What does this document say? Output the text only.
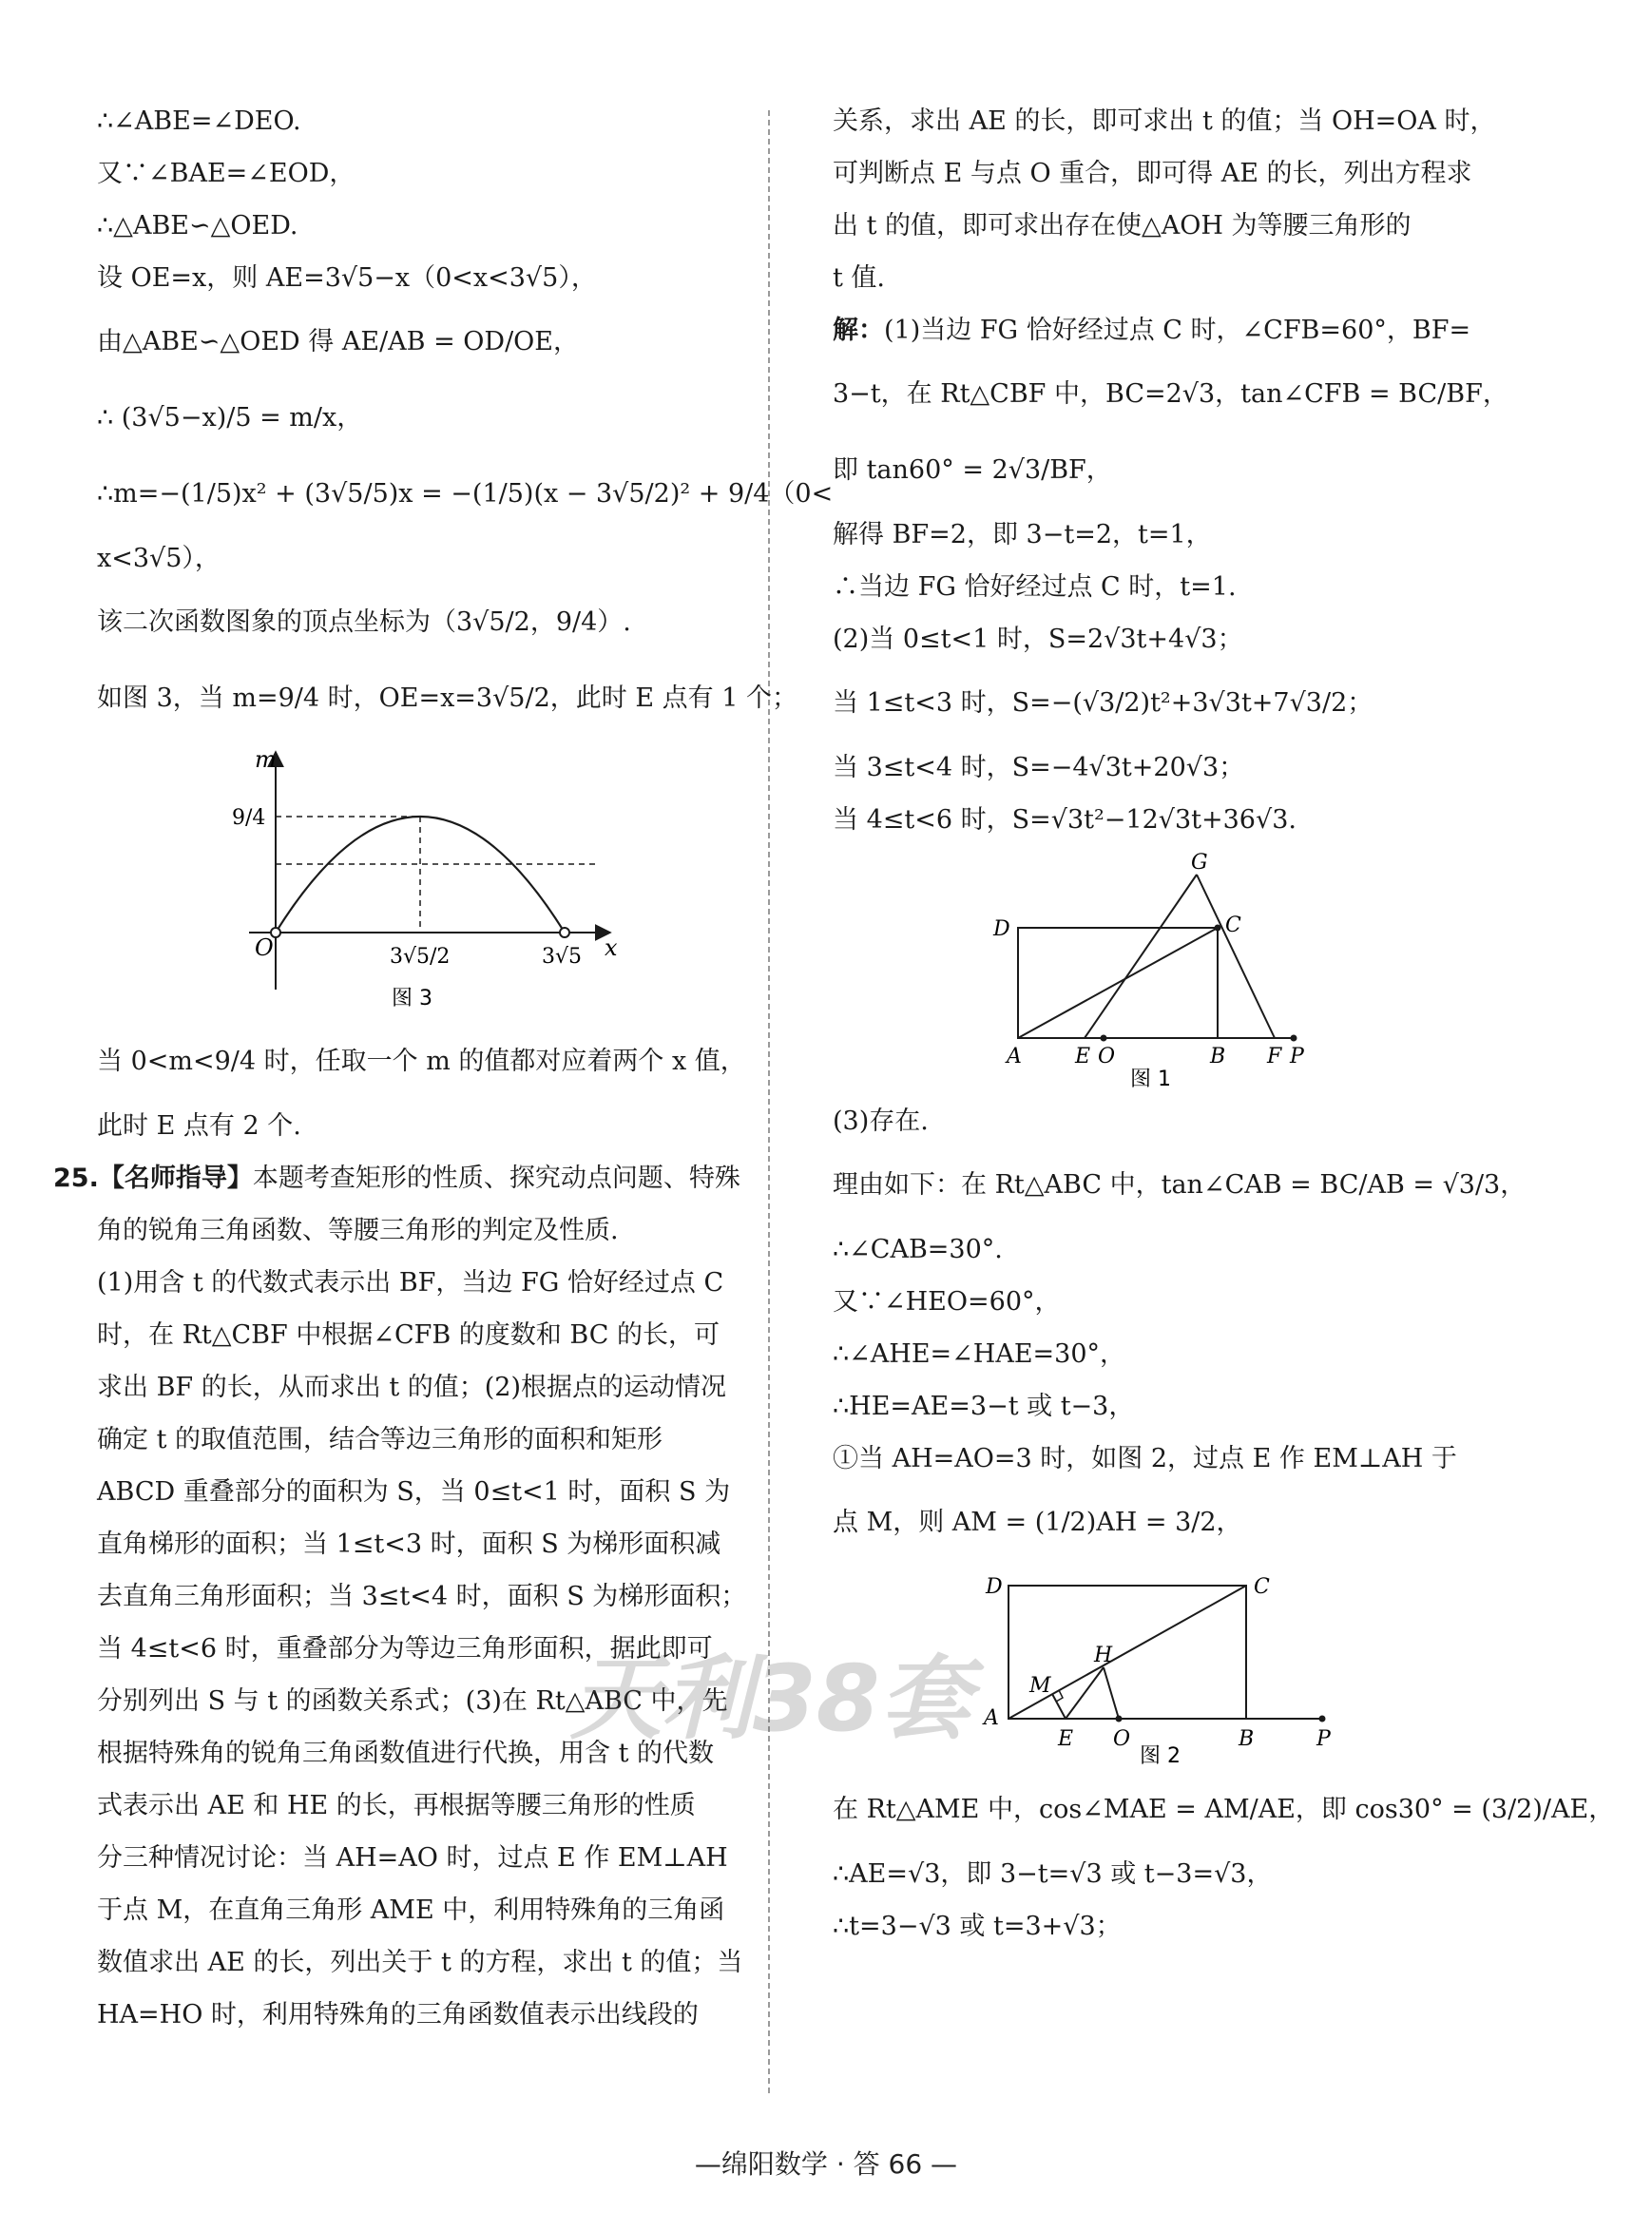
∴∠ABE=∠DEO.
又∵∠BAE=∠EOD，
∴△ABE∽△OED.
设 OE=x，则 AE=3√5−x（0<x<3√5），
由△ABE∽△OED 得 AE/AB = OD/OE，
∴ (3√5−x)/5 = m/x，
∴m=−(1/5)x² + (3√5/5)x = −(1/5)(x − 3√5/2)² + 9/4（0<
x<3√5），
该二次函数图象的顶点坐标为（3√5/2，9/4）.
如图 3，当 m=9/4 时，OE=x=3√5/2，此时 E 点有 1 个；
m
x
O
9/4
3√5/2	3√5
图 3
当 0<m<9/4 时，任取一个 m 的值都对应着两个 x 值，
此时 E 点有 2 个.
25.【名师指导】本题考查矩形的性质、探究动点问题、特殊
角的锐角三角函数、等腰三角形的判定及性质.
(1)用含 t 的代数式表示出 BF，当边 FG 恰好经过点 C
时，在 Rt△CBF 中根据∠CFB 的度数和 BC 的长，可
求出 BF 的长，从而求出 t 的值；(2)根据点的运动情况
确定 t 的取值范围，结合等边三角形的面积和矩形
ABCD 重叠部分的面积为 S，当 0≤t<1 时，面积 S 为
直角梯形的面积；当 1≤t<3 时，面积 S 为梯形面积减
去直角三角形面积；当 3≤t<4 时，面积 S 为梯形面积；
当 4≤t<6 时，重叠部分为等边三角形面积，据此即可
分别列出 S 与 t 的函数关系式；(3)在 Rt△ABC 中，先
根据特殊角的锐角三角函数值进行代换，用含 t 的代数
式表示出 AE 和 HE 的长，再根据等腰三角形的性质
分三种情况讨论：当 AH=AO 时，过点 E 作 EM⊥AH
于点 M，在直角三角形 AME 中，利用特殊角的三角函
数值求出 AE 的长，列出关于 t 的方程，求出 t 的值；当
HA=HO 时，利用特殊角的三角函数值表示出线段的
关系，求出 AE 的长，即可求出 t 的值；当 OH=OA 时，
可判断点 E 与点 O 重合，即可得 AE 的长，列出方程求
出 t 的值，即可求出存在使△AOH 为等腰三角形的
t 值.
解：(1)当边 FG 恰好经过点 C 时，∠CFB=60°，BF=
3−t，在 Rt△CBF 中，BC=2√3，tan∠CFB = BC/BF，
即 tan60° = 2√3/BF，
解得 BF=2，即 3−t=2，t=1，
∴当边 FG 恰好经过点 C 时，t=1.
(2)当 0≤t<1 时，S=2√3t+4√3；
当 1≤t<3 时，S=−(√3/2)t²+3√3t+7√3/2；
当 3≤t<4 时，S=−4√3t+20√3；
当 4≤t<6 时，S=√3t²−12√3t+36√3.
G
D	C
A	E O	B F P
图 1
(3)存在.
理由如下：在 Rt△ABC 中，tan∠CAB = BC/AB = √3/3，
∴∠CAB=30°.
又∵∠HEO=60°，
∴∠AHE=∠HAE=30°，
∴HE=AE=3−t 或 t−3，
①当 AH=AO=3 时，如图 2，过点 E 作 EM⊥AH 于
点 M，则 AM = (1/2)AH = 3/2，
D	C
H
M
A
E O	B	P
图 2
在 Rt△AME 中，cos∠MAE = AM/AE，即 cos30° = (3/2)/AE，
∴AE=√3，即 3−t=√3 或 t−3=√3，
∴t=3−√3 或 t=3+√3；
天利38套
—绵阳数学 · 答 66 —
